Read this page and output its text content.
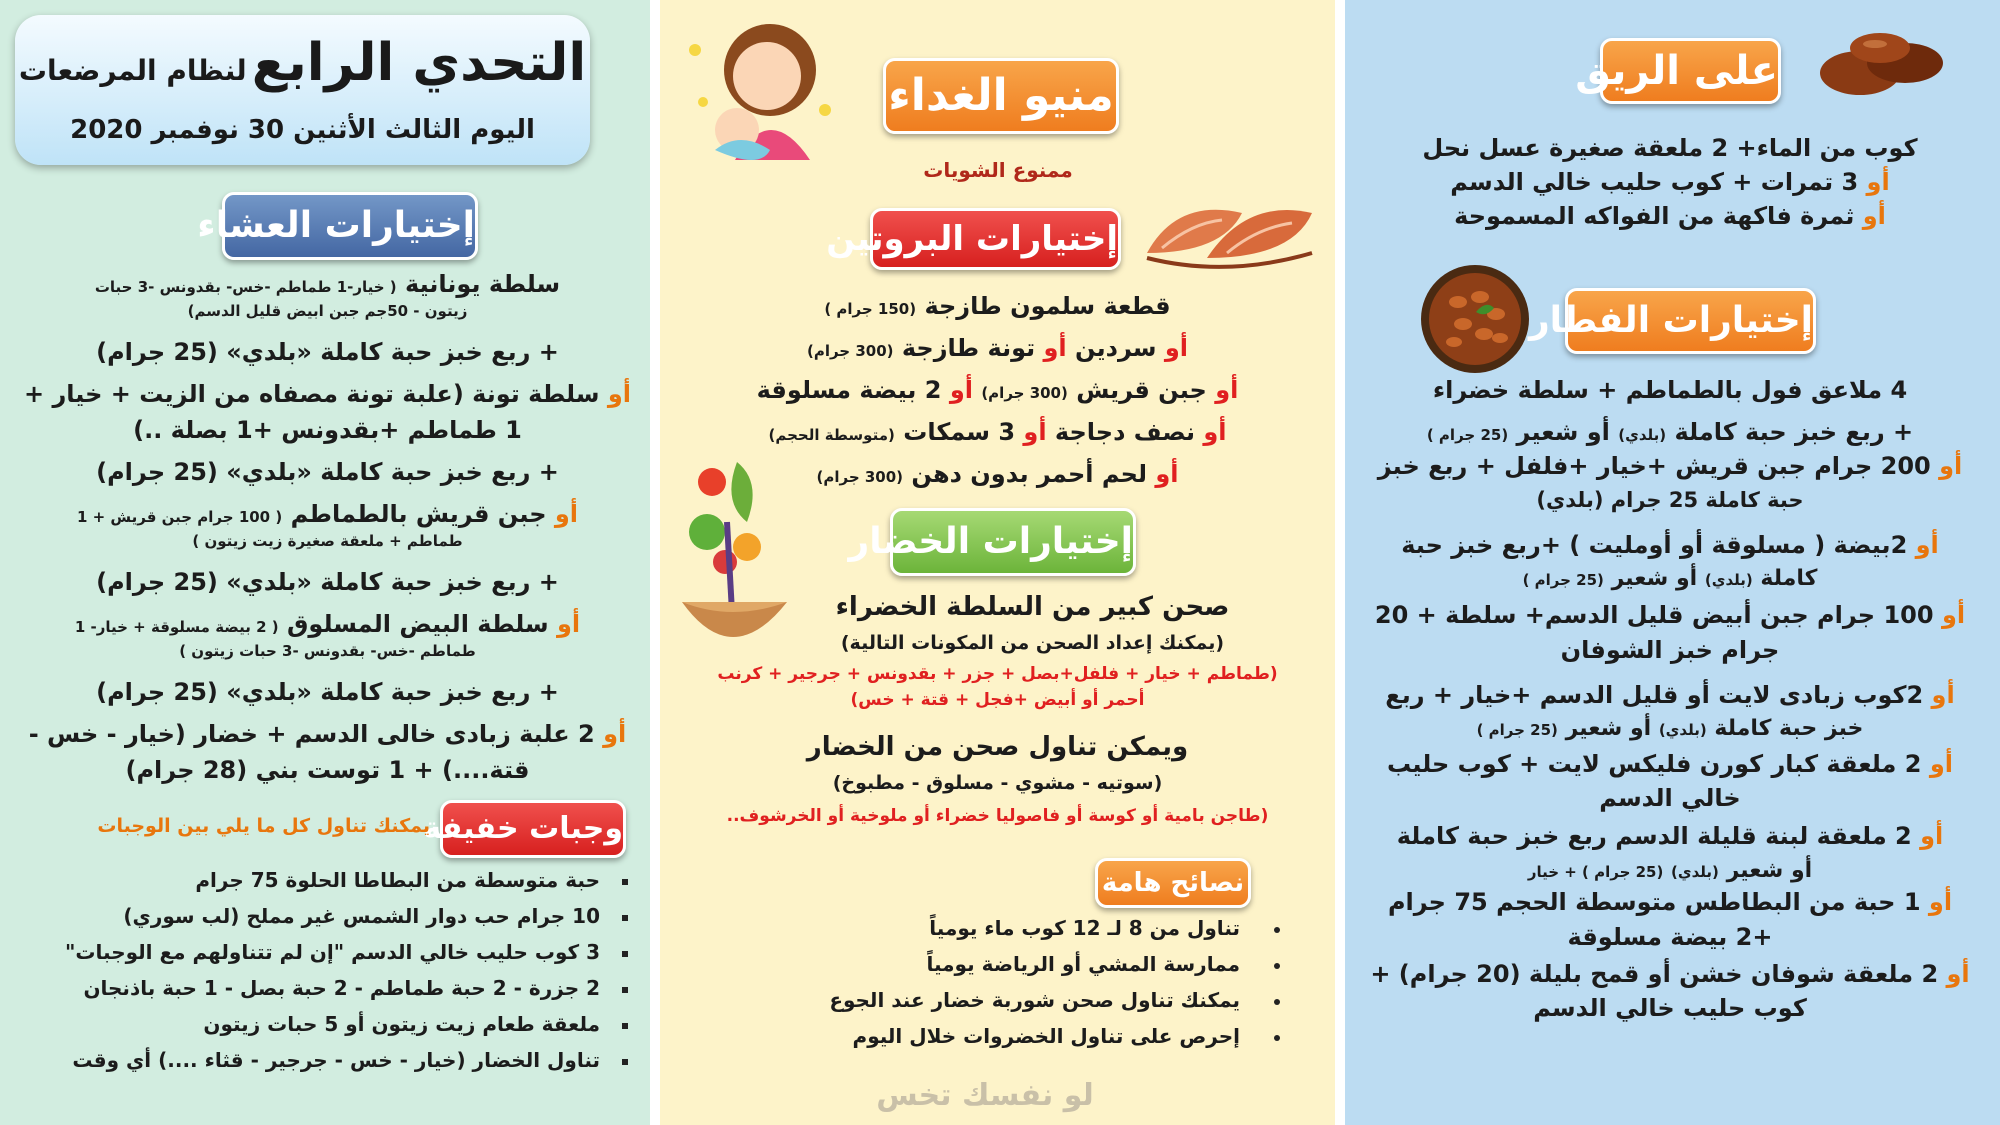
على الريق
كوب من الماء+ 2 ملعقة صغيرة عسل نحل
أو 3 تمرات + كوب حليب خالي الدسم
أو ثمرة فاكهة من الفواكه المسموحة
إختيارات الفطار
4 ملاعق فول بالطماطم + سلطة خضراء
+ ربع خبز حبة كاملة (بلدي) أو شعير (25 جرام )
أو 200 جرام جبن قريش +خيار +فلفل + ربع خبز
حبة كاملة 25 جرام (بلدي)
أو 2بيضة ( مسلوقة أو أومليت ) +ربع خبز حبة
كاملة (بلدي) أو شعير (25 جرام )
أو 100 جرام جبن أبيض قليل الدسم+ سلطة + 20
جرام خبز الشوفان
أو 2كوب زبادى لايت أو قليل الدسم +خيار + ربع
خبز حبة كاملة (بلدي) أو شعير (25 جرام )
أو 2 ملعقة كبار كورن فليكس لايت + كوب حليب
خالي الدسم
أو 2 ملعقة لبنة قليلة الدسم ربع خبز حبة كاملة
أو شعير (بلدي) (25 جرام ) + خيار
أو 1 حبة من البطاطس متوسطة الحجم 75 جرام
+2 بيضة مسلوقة
أو 2 ملعقة شوفان خشن أو قمح بليلة (20 جرام) +
كوب حليب خالي الدسم
منيو الغداء
ممنوع الشويات
إختيارات البروتين
قطعة سلمون طازجة (150 جرام )
أو سردين أو تونة طازجة (300 جرام)
أو جبن قريش (300 جرام) أو 2 بيضة مسلوقة
أو نصف دجاجة أو 3 سمكات (متوسطة الحجم)
أو لحم أحمر بدون دهن (300 جرام)
إختيارات الخضار
صحن كبير من السلطة الخضراء
(يمكنك إعداد الصحن من المكونات التالية)
(طماطم + خيار + فلفل+بصل + جزر + بقدونس + جرجير + كرنب
أحمر أو أبيض +فجل + قتة + خس)
ويمكن تناول صحن من الخضار
(سوتيه - مشوي - مسلوق - مطبوخ)
(طاجن بامية أو كوسة أو فاصوليا خضراء أو ملوخية أو الخرشوف..
نصائح هامة
تناول من 8 لـ 12 كوب ماء يومياً
ممارسة المشي أو الرياضة يومياً
يمكنك تناول صحن شوربة خضار عند الجوع
إحرص على تناول الخضروات خلال اليوم
لو نفسك تخس
التحدي الرابع لنظام المرضعات
اليوم الثالث الأثنين 30 نوفمبر 2020
إختيارات العشاء
سلطة يونانية ( خيار-1 طماطم -خس- بقدونس -3 حبات
زيتون - 50جم جبن ابيض قليل الدسم)
+ ربع خبز حبة كاملة «بلدي» (25 جرام)
أو سلطة تونة (علبة تونة مصفاه من الزيت + خيار +
1 طماطم +بقدونس +1 بصلة ..)
+ ربع خبز حبة كاملة «بلدي» (25 جرام)
أو جبن قريش بالطماطم ( 100 جرام جبن قريش + 1
طماطم + ملعقة صغيرة زيت زيتون )
+ ربع خبز حبة كاملة «بلدي» (25 جرام)
أو سلطة البيض المسلوق ( 2 بيضة مسلوقة + خيار- 1
طماطم -خس- بقدونس -3 حبات زيتون )
+ ربع خبز حبة كاملة «بلدي» (25 جرام)
أو 2 علبة زبادى خالى الدسم + خضار (خيار - خس -
قتة....) + 1 توست بني (28 جرام)
وجبات خفيفة
يمكنك تناول كل ما يلي بين الوجبات
حبة متوسطة من البطاطا الحلوة 75 جرام
10 جرام حب دوار الشمس غير مملح (لب سوري)
3 كوب حليب خالي الدسم "إن لم تتناولهم مع الوجبات"
2 جزرة - 2 حبة طماطم - 2 حبة بصل - 1 حبة باذنجان
ملعقة طعام زيت زيتون أو 5 حبات زيتون
تناول الخضار (خيار - خس - جرجير - قثاء ....) أي وقت
